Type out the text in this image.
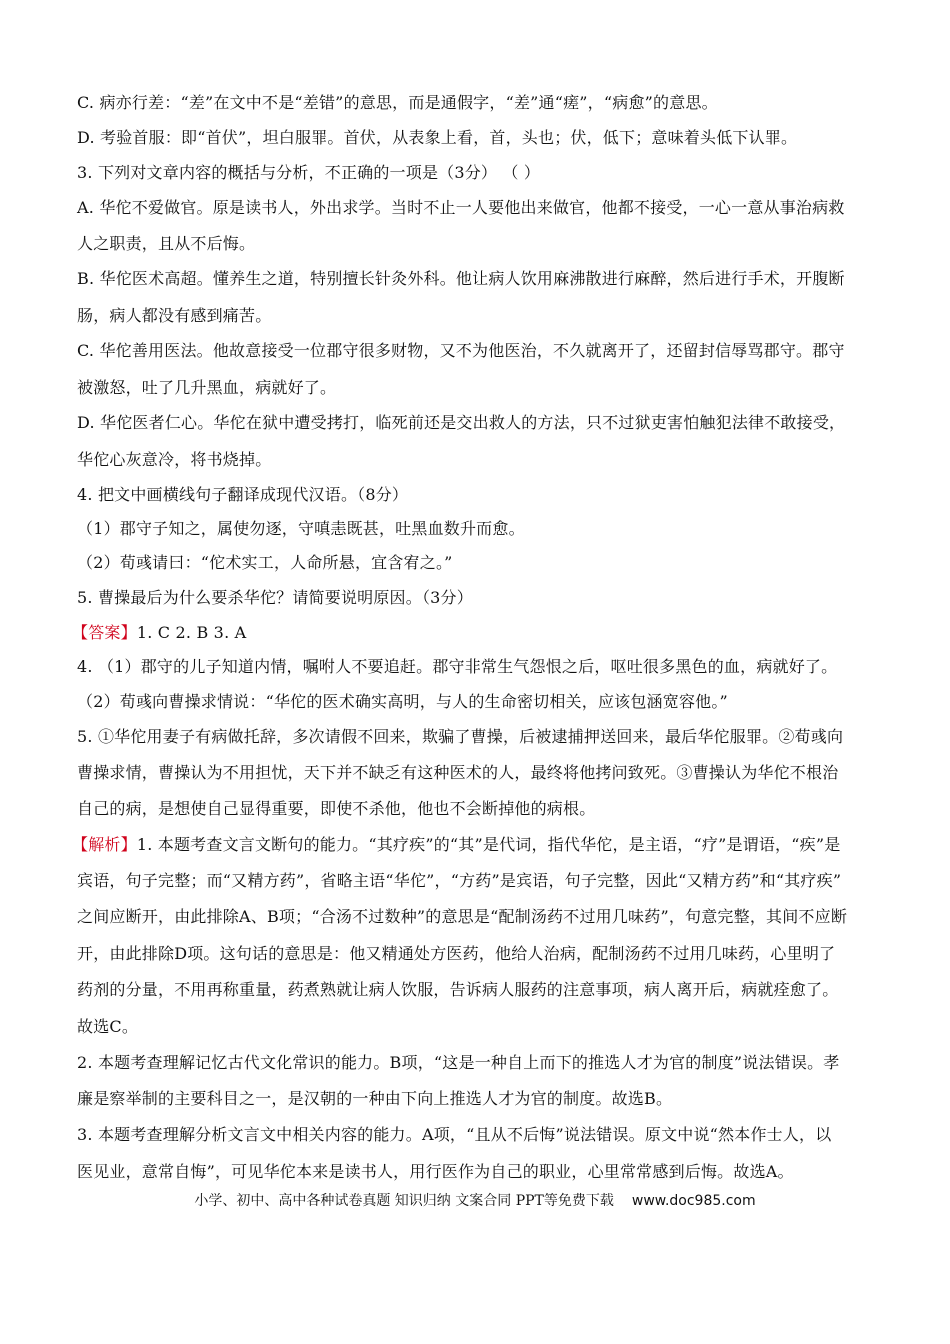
C. 病亦行差：“差”在文中不是“差错”的意思，而是通假字，“差”通“瘥”，“病愈”的意思。
D. 考验首服：即“首伏”，坦白服罪。首伏，从表象上看，首，头也；伏，低下；意味着头低下认罪。
3. 下列对文章内容的概括与分析，不正确的一项是（3分） （ ）
A. 华佗不爱做官。原是读书人，外出求学。当时不止一人要他出来做官，他都不接受，一心一意从事治病救
人之职责，且从不后悔。
B. 华佗医术高超。懂养生之道，特别擅长针灸外科。他让病人饮用麻沸散进行麻醉，然后进行手术，开腹断
肠，病人都没有感到痛苦。
C. 华佗善用医法。他故意接受一位郡守很多财物，又不为他医治，不久就离开了，还留封信辱骂郡守。郡守
被激怒，吐了几升黑血，病就好了。
D. 华佗医者仁心。华佗在狱中遭受拷打，临死前还是交出救人的方法，只不过狱吏害怕触犯法律不敢接受，
华佗心灰意冷，将书烧掉。
4. 把文中画横线句子翻译成现代汉语。（8分）
（1）郡守子知之，属使勿逐，守嗔恚既甚，吐黑血数升而愈。
（2）荀彧请曰：“佗术实工，人命所悬，宜含宥之。”
5. 曹操最后为什么要杀华佗？请简要说明原因。（3分）
【答案】1. C 2. B 3. A
4. （1）郡守的儿子知道内情，嘱咐人不要追赶。郡守非常生气怨恨之后，呕吐很多黑色的血，病就好了。
（2）荀彧向曹操求情说：“华佗的医术确实高明，与人的生命密切相关，应该包涵宽容他。”
5. ①华佗用妻子有病做托辞，多次请假不回来，欺骗了曹操，后被逮捕押送回来，最后华佗服罪。②荀彧向
曹操求情，曹操认为不用担忧，天下并不缺乏有这种医术的人，最终将他拷问致死。③曹操认为华佗不根治
自己的病，是想使自己显得重要，即使不杀他，他也不会断掉他的病根。
【解析】1. 本题考查文言文断句的能力。“其疗疾”的“其”是代词，指代华佗，是主语，“疗”是谓语，“疾”是
宾语，句子完整；而“又精方药”，省略主语“华佗”，“方药”是宾语，句子完整，因此“又精方药”和“其疗疾”
之间应断开，由此排除A、B项；“合汤不过数种”的意思是“配制汤药不过用几味药”，句意完整，其间不应断
开，由此排除D项。这句话的意思是：他又精通处方医药，他给人治病，配制汤药不过用几味药，心里明了
药剂的分量，不用再称重量，药煮熟就让病人饮服，告诉病人服药的注意事项，病人离开后，病就痊愈了。
故选C。
2. 本题考查理解记忆古代文化常识的能力。B项，“这是一种自上而下的推选人才为官的制度”说法错误。孝
廉是察举制的主要科目之一，是汉朝的一种由下向上推选人才为官的制度。故选B。
3. 本题考查理解分析文言文中相关内容的能力。A项，“且从不后悔”说法错误。原文中说“然本作士人，以
医见业，意常自悔”，可见华佗本来是读书人，用行医作为自己的职业，心里常常感到后悔。故选A。
小学、初中、高中各种试卷真题 知识归纳 文案合同 PPT等免费下载 www.doc985.com
